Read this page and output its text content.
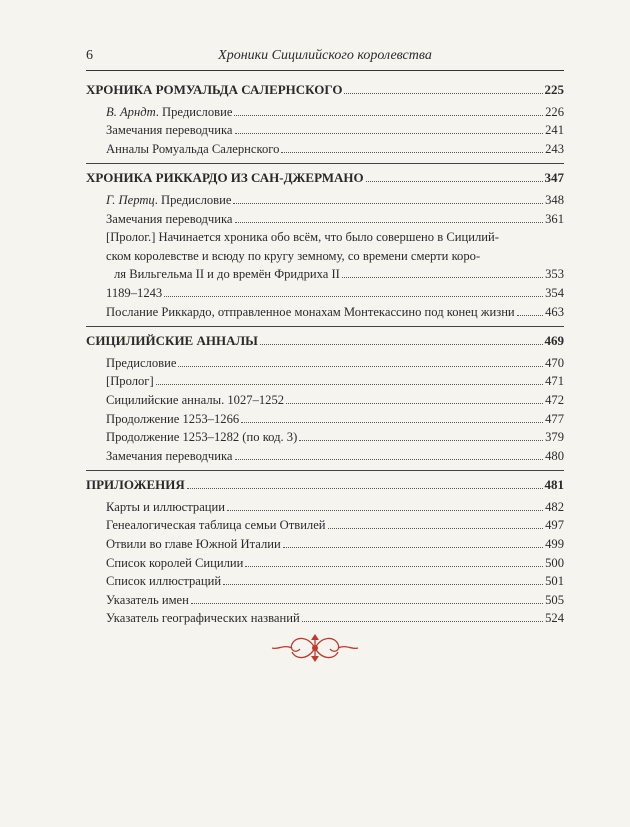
6	Хроники Сицилийского королевства
ХРОНИКА РОМУАЛЬДА САЛЕРНСКОГО	225
В. Арндт. Предисловие	226
Замечания переводчика	241
Анналы Ромуальда Салернского	243
ХРОНИКА РИККАРДО ИЗ САН-ДЖЕРМАНО	347
Г. Пертц. Предисловие	348
Замечания переводчика	361
[Пролог.] Начинается хроника обо всём, что было совершено в Сицилий-
ском королевстве и всюду по кругу земному, со времени смерти коро-
ля Вильгельма II и до времён Фридриха II	353
1189–1243	354
Послание Риккардо, отправленное монахам Монтекассино под конец жизни 463
СИЦИЛИЙСКИЕ АННАЛЫ	469
Предисловие	470
[Пролог]	471
Сицилийские анналы. 1027–1252	472
Продолжение 1253–1266	477
Продолжение 1253–1282 (по код. 3)	379
Замечания переводчика	480
ПРИЛОЖЕНИЯ	481
Карты и иллюстрации	482
Генеалогическая таблица семьи Отвилей	497
Отвили во главе Южной Италии	499
Список королей Сицилии	500
Список иллюстраций	501
Указатель имен	505
Указатель географических названий	524
